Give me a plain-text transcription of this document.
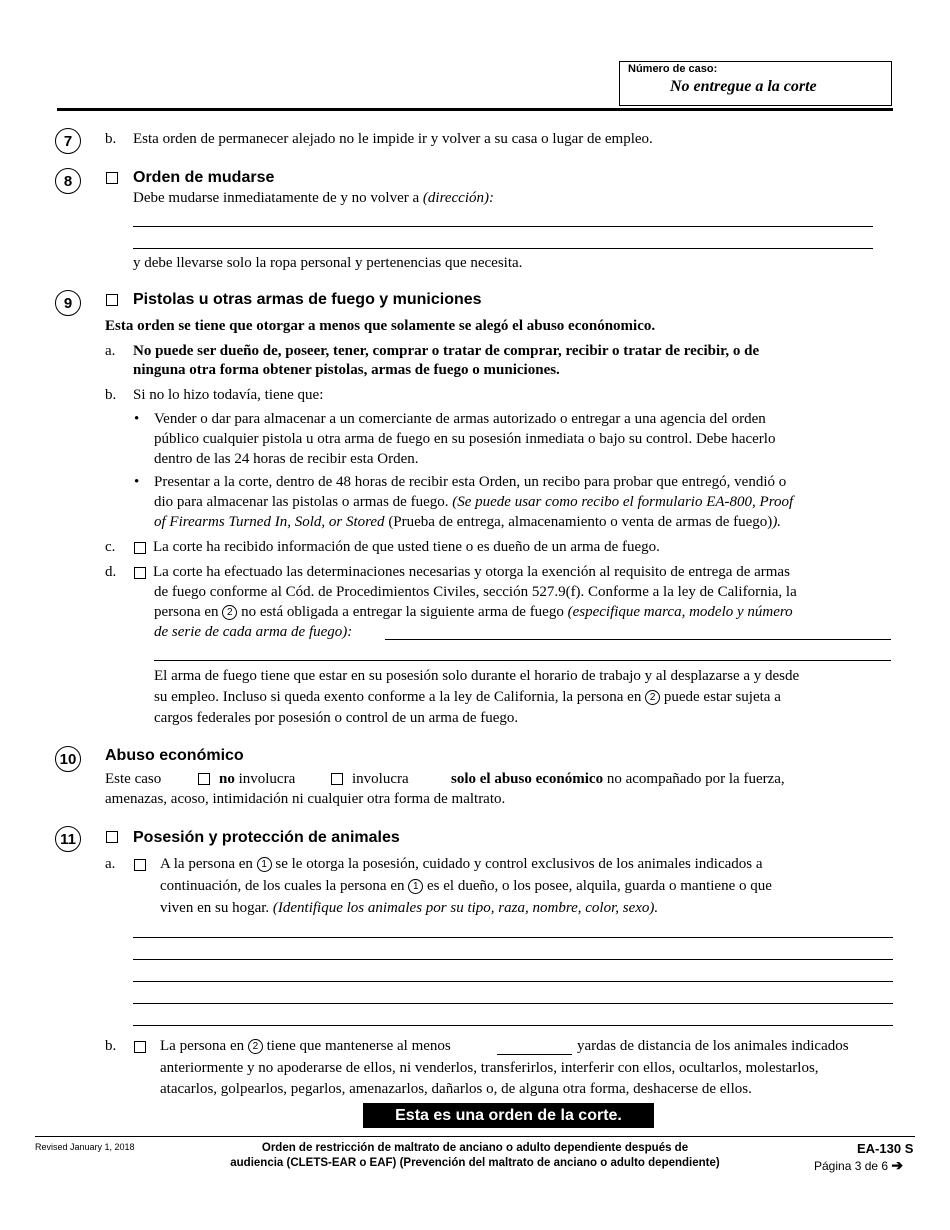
Número de caso:
No entregue a la corte
7	b. Esta orden de permanecer alejado no le impide ir y volver a su casa o lugar de empleo.
8	Orden de mudarse
Debe mudarse inmediatamente de y no volver a (dirección):
y debe llevarse solo la ropa personal y pertenencias que necesita.
9	Pistolas u otras armas de fuego y municiones
Esta orden se tiene que otorgar a menos que solamente se alegó el abuso econónomico.
a. No puede ser dueño de, poseer, tener, comprar o tratar de comprar, recibir o tratar de recibir, o de
ninguna otra forma obtener pistolas, armas de fuego o municiones.
b. Si no lo hizo todavía, tiene que:
• Vender o dar para almacenar a un comerciante de armas autorizado o entregar a una agencia del orden
público cualquier pistola u otra arma de fuego en su posesión inmediata o bajo su control. Debe hacerlo
dentro de las 24 horas de recibir esta Orden.
• Presentar a la corte, dentro de 48 horas de recibir esta Orden, un recibo para probar que entregó, vendió o
dio para almacenar las pistolas o armas de fuego. (Se puede usar como recibo el formulario EA-800, Proof
of Firearms Turned In, Sold, or Stored (Prueba de entrega, almacenamiento o venta de armas de fuego)).
c.	La corte ha recibido información de que usted tiene o es dueño de un arma de fuego.
d. La corte ha efectuado las determinaciones necesarias y otorga la exención al requisito de entrega de armas
de fuego conforme al Cód. de Procedimientos Civiles, sección 527.9(f). Conforme a la ley de California, la
persona en 2 no está obligada a entregar la siguiente arma de fuego (especifique marca, modelo y número
de serie de cada arma de fuego):
El arma de fuego tiene que estar en su posesión solo durante el horario de trabajo y al desplazarse a y desde
su empleo. Incluso si queda exento conforme a la ley de California, la persona en 2 puede estar sujeta a
cargos federales por posesión o control de un arma de fuego.
10 Abuso económico
Este caso	no involucra	involucra	solo el abuso económico no acompañado por la fuerza,
amenazas, acoso, intimidación ni cualquier otra forma de maltrato.
11	Posesión y protección de animales
a.	A la persona en 1 se le otorga la posesión, cuidado y control exclusivos de los animales indicados a
continuación, de los cuales la persona en 1 es el dueño, o los posee, alquila, guarda o mantiene o que
viven en su hogar. (Identifique los animales por su tipo, raza, nombre, color, sexo).
b.	La persona en 2 tiene que mantenerse al menos	yardas de distancia de los animales indicados
anteriormente y no apoderarse de ellos, ni venderlos, transferirlos, interferir con ellos, ocultarlos, molestarlos,
atacarlos, golpearlos, pegarlos, amenazarlos, dañarlos o, de alguna otra forma, deshacerse de ellos.
Esta es una orden de la corte.
Revised January 1, 2018	Orden de restricción de maltrato de anciano o adulto dependiente después de
audiencia (CLETS-EAR o EAF) (Prevención del maltrato de anciano o adulto dependiente)
EA-130 S
Página 3 de 6 ➔
